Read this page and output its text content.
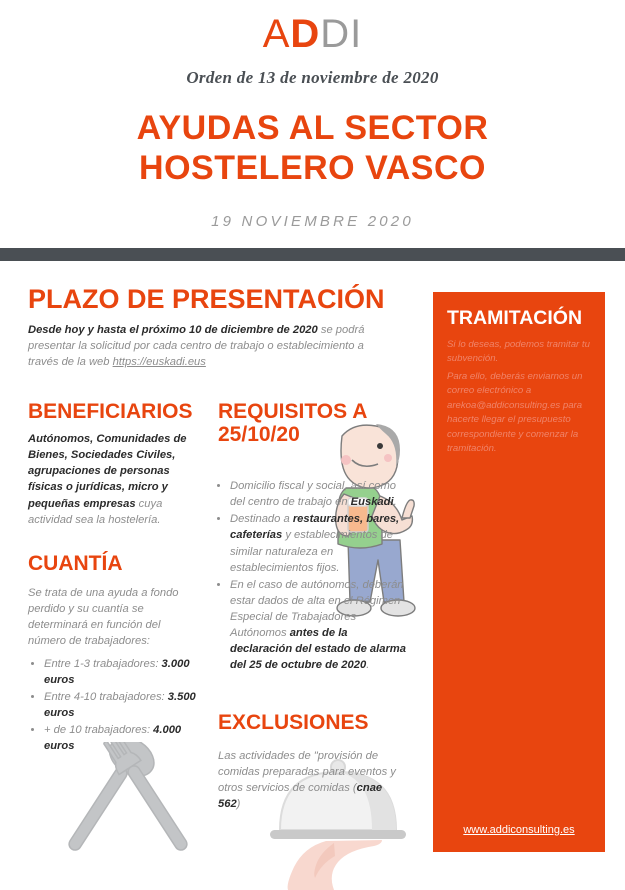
ADDI
Orden de 13 de noviembre de 2020
AYUDAS AL SECTOR
HOSTELERO VASCO
19 NOVIEMBRE 2020
PLAZO DE PRESENTACIÓN
Desde hoy y hasta el próximo 10 de diciembre de 2020 se podrá presentar la solicitud por cada centro de trabajo o establecimiento a través de la web https://euskadi.eus
BENEFICIARIOS
Autónomos, Comunidades de Bienes, Sociedades Civiles, agrupaciones de personas físicas o jurídicas, micro y pequeñas empresas cuya actividad sea la hostelería.
CUANTÍA
Se trata de una ayuda a fondo perdido y su cuantía se determinará en función del número de trabajadores:
• Entre 1-3 trabajadores: 3.000 euros
• Entre 4-10 trabajadores: 3.500 euros
• + de 10 trabajadores: 4.000 euros
REQUISITOS A
25/10/20
• Domicilio fiscal y social, así como del centro de trabajo en Euskadi.
• Destinado a restaurantes, bares, cafeterías y establecimientos de similar naturaleza en establecimientos fijos.
• En el caso de autónomos, deberán estar dados de alta en el Régimen Especial de Trabajadores Autónomos antes de la declaración del estado de alarma del 25 de octubre de 2020.
EXCLUSIONES
Las actividades de "provisión de comidas preparadas para eventos y otros servicios de comidas (cnae 562)
TRAMITACIÓN
Si lo deseas, podemos tramitar tu subvención.
Para ello, deberás enviarnos un correo electrónico a arekoa@addiconsulting.es para hacerte llegar el presupuesto correspondiente y comenzar la tramitación.
www.addiconsulting.es
